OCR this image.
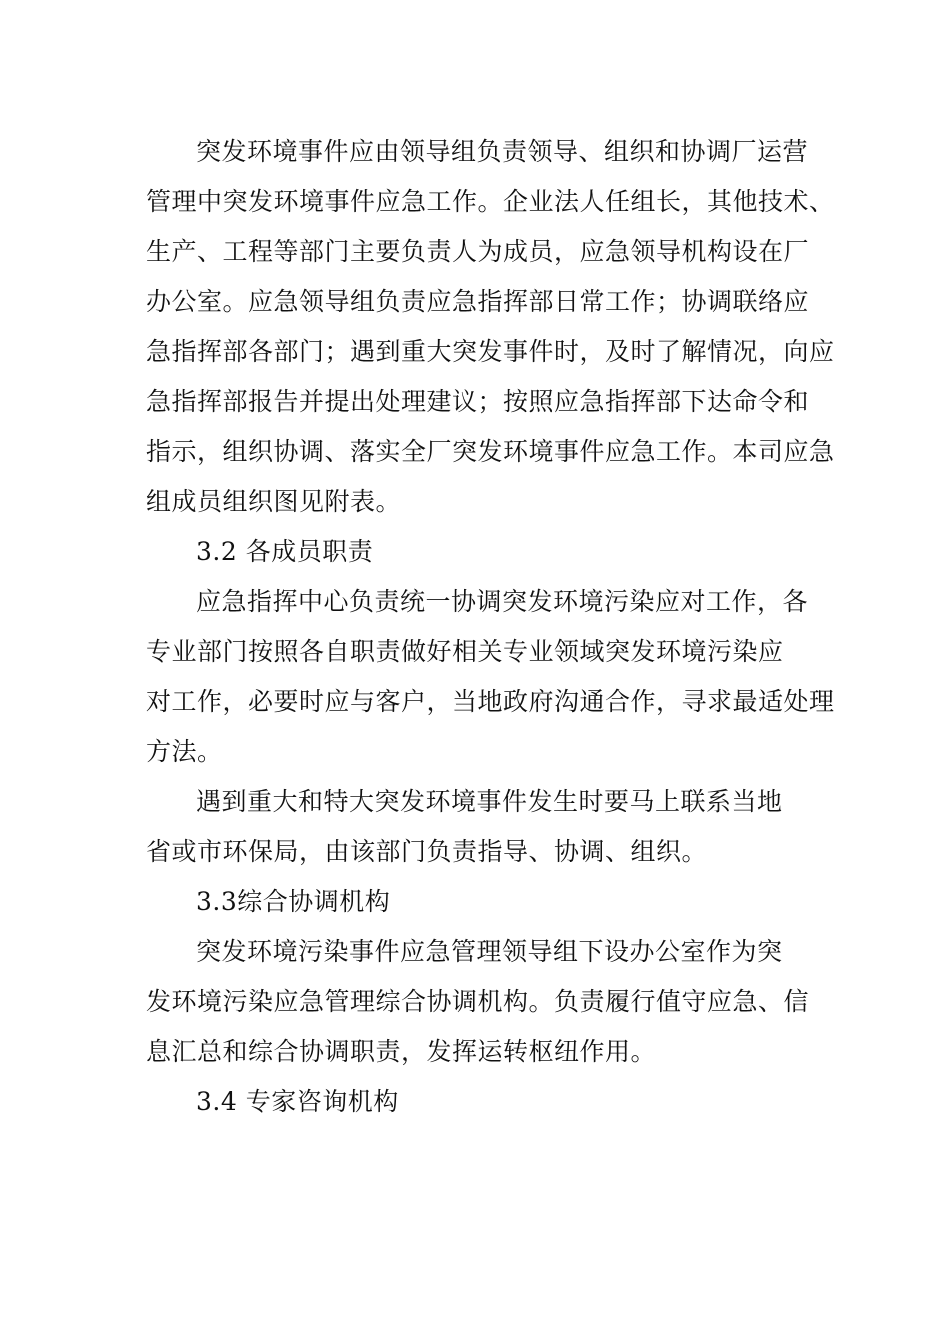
突发环境事件应由领导组负责领导、组织和协调厂运营
管理中突发环境事件应急工作。企业法人任组长，其他技术、
生产、工程等部门主要负责人为成员，应急领导机构设在厂
办公室。应急领导组负责应急指挥部日常工作；协调联络应
急指挥部各部门；遇到重大突发事件时，及时了解情况，向应
急指挥部报告并提出处理建议；按照应急指挥部下达命令和
指示，组织协调、落实全厂突发环境事件应急工作。本司应急
组成员组织图见附表。
3.2 各成员职责
应急指挥中心负责统一协调突发环境污染应对工作，各
专业部门按照各自职责做好相关专业领域突发环境污染应
对工作，必要时应与客户，当地政府沟通合作，寻求最适处理
方法。
遇到重大和特大突发环境事件发生时要马上联系当地
省或市环保局，由该部门负责指导、协调、组织。
3.3综合协调机构
突发环境污染事件应急管理领导组下设办公室作为突
发环境污染应急管理综合协调机构。负责履行值守应急、信
息汇总和综合协调职责，发挥运转枢纽作用。
3.4 专家咨询机构
